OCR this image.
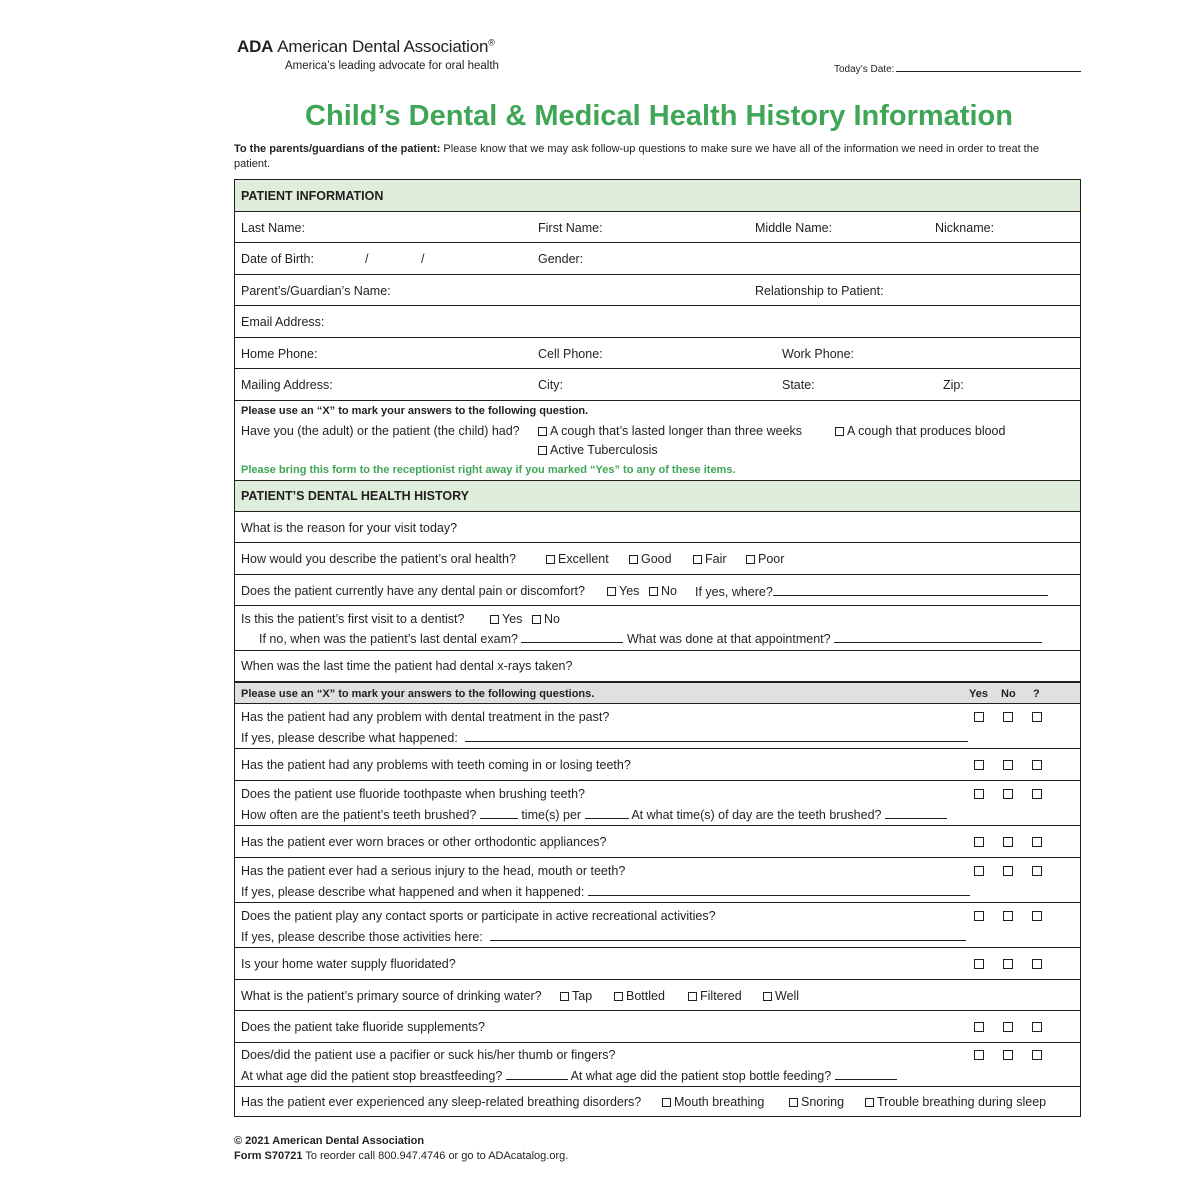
ADA American Dental Association®
America’s leading advocate for oral health	Today’s Date:
Child’s Dental & Medical Health History Information
To the parents/guardians of the patient: Please know that we may ask follow-up questions to make sure we have all of the information we need in order to treat the patient.
PATIENT INFORMATION
Last Name:	First Name:	Middle Name:	Nickname:
Date of Birth:	/	/	Gender:
Parent’s/Guardian’s Name:	Relationship to Patient:
Email Address:
Home Phone:	Cell Phone:	Work Phone:
Mailing Address:	City:	State:	Zip:
Please use an “X” to mark your answers to the following question.
Have you (the adult) or the patient (the child) had?	A cough that’s lasted longer than three weeks	A cough that produces blood
Active Tuberculosis
Please bring this form to the receptionist right away if you marked “Yes” to any of these items.
PATIENT’S DENTAL HEALTH HISTORY
What is the reason for your visit today?
How would you describe the patient’s oral health?	Excellent	Good	Fair	Poor
Does the patient currently have any dental pain or discomfort?	Yes	No If yes, where?
Is this the patient’s first visit to a dentist?	Yes	No
If no, when was the patient’s last dental exam?	What was done at that appointment?
When was the last time the patient had dental x-rays taken?
Please use an “X” to mark your answers to the following questions.	Yes No ?
Has the patient had any problem with dental treatment in the past?
If yes, please describe what happened:
Has the patient had any problems with teeth coming in or losing teeth?
Does the patient use fluoride toothpaste when brushing teeth?
How often are the patient’s teeth brushed?	time(s) per	At what time(s) of day are the teeth brushed?
Has the patient ever worn braces or other orthodontic appliances?
Has the patient ever had a serious injury to the head, mouth or teeth?
If yes, please describe what happened and when it happened:
Does the patient play any contact sports or participate in active recreational activities?
If yes, please describe those activities here:
Is your home water supply fluoridated?
What is the patient’s primary source of drinking water?	Tap	Bottled	Filtered	Well
Does the patient take fluoride supplements?
Does/did the patient use a pacifier or suck his/her thumb or fingers?
At what age did the patient stop breastfeeding?	At what age did the patient stop bottle feeding?
Has the patient ever experienced any sleep-related breathing disorders?	Mouth breathing	Snoring	Trouble breathing during sleep
© 2021 American Dental Association
Form S70721 To reorder call 800.947.4746 or go to ADAcatalog.org.
